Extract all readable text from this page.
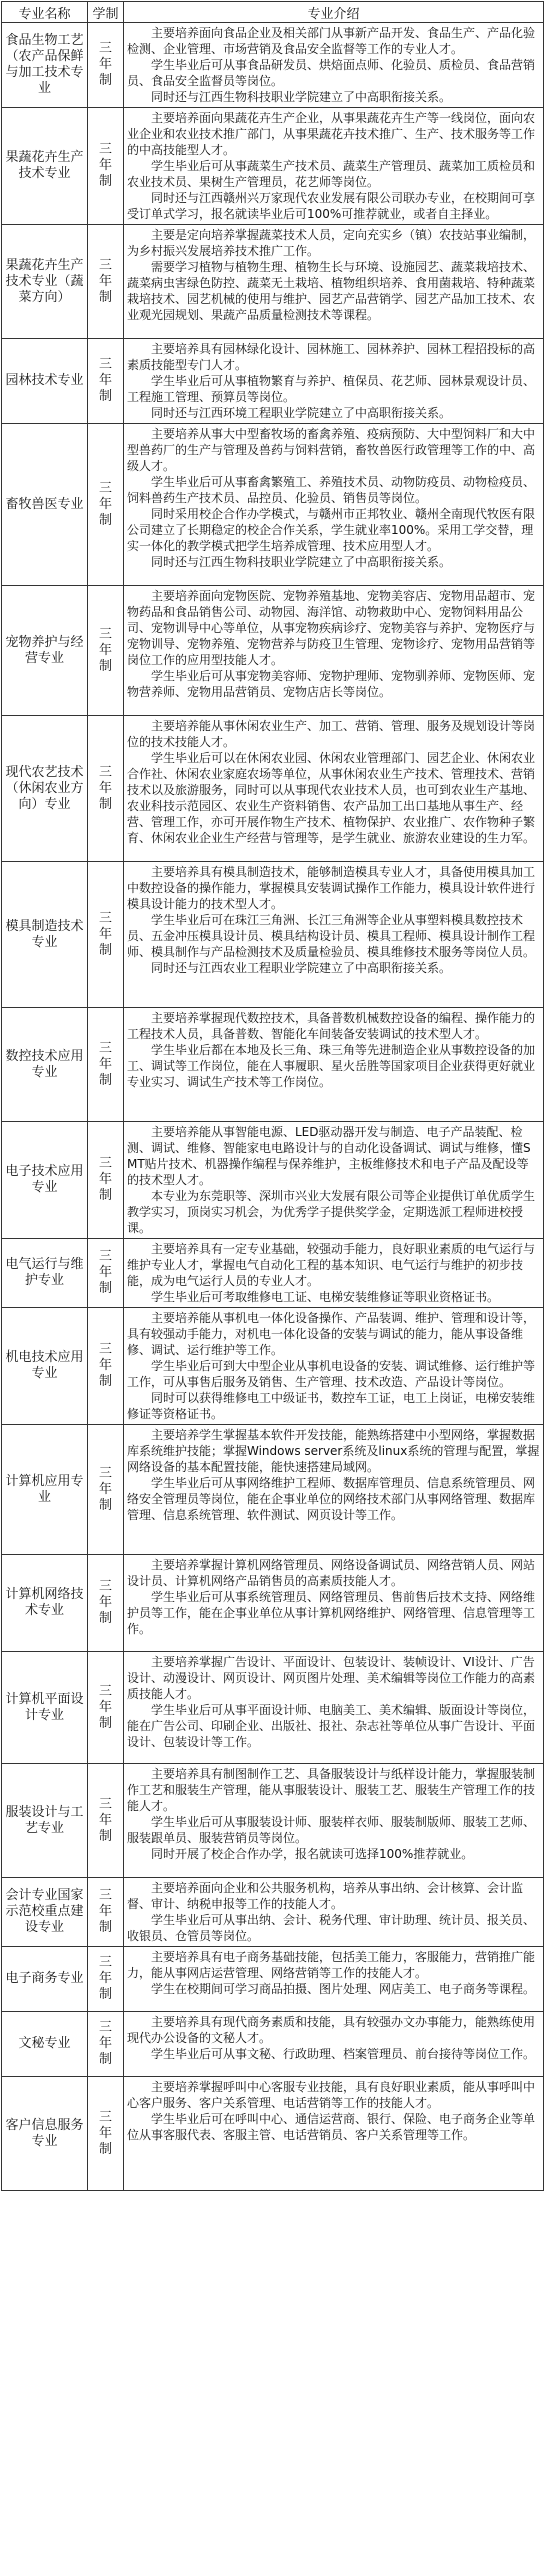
专业名称	学制	专业介绍
食品生物工艺（农产品保鲜与加工技术专业	三年制	主要培养面向食品企业及相关部门从事新产品开发、食品生产、产品化验检测、企业管理、市场营销及食品安全监督等工作的专业人才。

学生毕业后可从事食品研发员、烘焙面点师、化验员、质检员、食品营销员、食品安全监督员等岗位。

同时还与江西生物科技职业学院建立了中高职衔接关系。

果蔬花卉生产技术专业	三年制	主要培养面向果蔬花卉生产企业，从事果蔬花卉生产等一线岗位，面向农业企业和农业技术推广部门，从事果蔬花卉技术推广、生产、技术服务等工作的中高技能型人才。

学生毕业后可从事蔬菜生产技术员、蔬菜生产管理员、蔬菜加工质检员和农业技术员、果树生产管理员，花艺师等岗位。

同时还与江西赣州兴万家现代农业发展有限公司联办专业，在校期间可享受订单式学习，报名就读毕业后可100%可推荐就业，或者自主择业。

果蔬花卉生产技术专业（蔬菜方向）	三年制	主要是定向培养掌握蔬菜技术人员，定向充实乡（镇）农技站事业编制，为乡村振兴发展培养技术推广工作。

需要学习植物与植物生理、植物生长与环境、设施园艺、蔬菜栽培技术、蔬菜病虫害绿色防控、蔬菜无土栽培、植物组织培养、食用菌栽培、特种蔬菜栽培技术、园艺机械的使用与维护、园艺产品营销学、园艺产品加工技术、农业观光园规划、果蔬产品质量检测技术等课程。

园林技术专业	三年制	主要培养具有园林绿化设计、园林施工、园林养护、园林工程招投标的高素质技能型专门人才。

学生毕业后可从事植物繁育与养护、植保员、花艺师、园林景观设计员、工程施工管理、预算员等岗位。

同时还与江西环境工程职业学院建立了中高职衔接关系。

畜牧兽医专业	三年制	主要培养从事大中型畜牧场的畜禽养殖、疫病预防、大中型饲料厂和大中型兽药厂的生产与管理及兽药与饲料营销，畜牧兽医行政管理等工作的中、高级人才。

学生毕业后可从事畜禽繁殖工、养殖技术员、动物防疫员、动物检疫员、饲料兽药生产技术员、品控员、化验员、销售员等岗位。

同时采用校企合作办学模式，与赣州市正邦牧业、赣州全南现代牧医有限公司建立了长期稳定的校企合作关系，学生就业率100%。采用工学交替，理实一体化的教学模式把学生培养成管理、技术应用型人才。

同时还与江西生物科技职业学院建立了中高职衔接关系。

宠物养护与经营专业	三年制	主要培养面向宠物医院、宠物养殖基地、宠物美容店、宠物用品超市、宠物药品和食品销售公司、动物园、海洋馆、动物救助中心、宠物饲料用品公司、宠物训导中心等单位，从事宠物疾病诊疗、宠物美容与养护、宠物医疗与宠物训导、宠物养殖、宠物营养与防疫卫生管理、宠物诊疗、宠物用品营销等岗位工作的应用型技能人才。

学生毕业后可从事宠物美容师、宠物护理师、宠物驯养师、宠物医师、宠物营养师、宠物用品营销员、宠物店店长等岗位。

现代农艺技术（休闲农业方向）专业	三年制	主要培养能从事休闲农业生产、加工、营销、管理、服务及规划设计等岗位的技术技能人才。

学生毕业后可以在休闲农业园、休闲农业管理部门、园艺企业、休闲农业合作社、休闲农业家庭农场等单位，从事休闲农业生产技术、管理技术、营销技术以及旅游服务，同时可以从事现代农业技术人员，也可到农业生产基地、农业科技示范园区、农业生产资料销售、农产品加工出口基地从事生产、经营、管理工作，亦可开展作物生产技术、植物保护、农业推广、农作物种子繁育、休闲农业企业生产经营与管理等，是学生就业、旅游农业建设的生力军。

模具制造技术专业	三年制	主要培养具有模具制造技术，能够制造模具专业人才，具备使用模具加工中数控设备的操作能力，掌握模具安装调试操作工作能力，模具设计软件进行模具设计能力的技术型人才。

学生毕业后可在珠江三角洲、长江三角洲等企业从事塑料模具数控技术员、五金冲压模具设计员、模具结构设计员、模具工程师、模具设计制作工程师、模具制作与产品检测技术及质量检验员、模具维修技术服务等岗位人员。

同时还与江西农业工程职业学院建立了中高职衔接关系。

数控技术应用专业	三年制	主要培养掌握现代数控技术，具备普数机械数控设备的编程、操作能力的工程技术人员，具备普数、智能化车间装备安装调试的技术型人才。

学生毕业后都在本地及长三角、珠三角等先进制造企业从事数控设备的加工、调试等工作岗位，能在人事履职、星火岳胜等国家项目企业获得更好就业专业实习、调试生产技术等工作岗位。

电子技术应用专业	三年制	主要培养能从事智能电源、LED驱动器开发与制造、电子产品装配、检测、调试、维修、智能家电电路设计与的自动化设备调试、调试与维修，懂SMT贴片技术、机器操作编程与保养维护，主板维修技术和电子产品及配设等的技术型人才。

本专业为东莞职等、深圳市兴业大发展有限公司等企业提供订单优质学生教学实习，顶岗实习机会，为优秀学子提供奖学金，定期选派工程师进校授课。

电气运行与维护专业	三年制	主要培养具有一定专业基础，较强动手能力，良好职业素质的电气运行与维护专业人才，掌握电气自动化工程的基本知识、电气运行与维护的初步技能，成为电气运行人员的专业人才。

学生毕业后可考取维修电工证、电梯安装维修证等职业资格证书。

机电技术应用专业	三年制	主要培养能从事机电一体化设备操作、产品装调、维护、管理和设计等，具有较强动手能力，对机电一体化设备的安装与调试的能力，能从事设备维修、调试、运行维护等工作。

学生毕业后可到大中型企业从事机电设备的安装、调试维修、运行维护等工作，可从事售后服务及销售、生产管理、技术改造、产品设计等岗位。

同时可以获得维修电工中级证书，数控车工证，电工上岗证，电梯安装维修证等资格证书。

计算机应用专业	三年制	主要培养学生掌握基本软件开发技能，能熟练搭建中小型网络，掌握数据库系统维护技能；掌握Windows server系统及linux系统的管理与配置，掌握网络设备的基本配置技能，能快速搭建局域网。

学生毕业后可从事网络维护工程师、数据库管理员、信息系统管理员、网络安全管理员等岗位，能在企事业单位的网络技术部门从事网络管理、数据库管理、信息系统管理、软件测试、网页设计等工作。

计算机网络技术专业	三年制	主要培养掌握计算机网络管理员、网络设备调试员、网络营销人员、网站设计员、计算机网络产品销售员的高素质技能人才。

学生毕业后可从事系统管理员、网络管理员、售前售后技术支持、网络维护员等工作，能在企事业单位从事计算机网络维护、网络管理、信息管理等工作。

计算机平面设计专业	三年制	主要培养掌握广告设计、平面设计、包装设计、装帧设计、VI设计、广告设计、动漫设计、网页设计、网页图片处理、美术编辑等岗位工作能力的高素质技能人才。

学生毕业后可从事平面设计师、电脑美工、美术编辑、版面设计等岗位，能在广告公司、印刷企业、出版社、报社、杂志社等单位从事广告设计、平面设计、包装设计等工作。

服装设计与工艺专业	三年制	主要培养具有制图制作工艺、具备服装设计与纸样设计能力，掌握服装制作工艺和服装生产管理，能从事服装设计、服装工艺、服装生产管理工作的技能人才。

学生毕业后可从事服装设计师、服装样衣师、服装制版师、服装工艺师、服装跟单员、服装营销员等岗位。

同时开展了校企合作办学，报名就读可选择100%推荐就业。

会计专业国家示范校重点建设专业	三年制	主要培养面向企业和公共服务机构，培养从事出纳、会计核算、会计监督、审计、纳税申报等工作的技能人才。

学生毕业后可从事出纳、会计、税务代理、审计助理、统计员、报关员、收银员、仓管员等岗位。

电子商务专业	三年制	主要培养具有电子商务基础技能，包括美工能力，客服能力，营销推广能力，能从事网店运营管理、网络营销等工作的技能人才。

学生在校期间可学习商品拍摄、图片处理、网店美工、电子商务等课程。

文秘专业	三年制	主要培养具有现代商务素质和技能，具有较强办文办事能力，能熟练使用现代办公设备的文秘人才。

学生毕业后可从事文秘、行政助理、档案管理员、前台接待等岗位工作。

客户信息服务专业	三年制	主要培养掌握呼叫中心客服专业技能，具有良好职业素质，能从事呼叫中心客户服务、客户关系管理、电话营销等工作的技能人才。

学生毕业后可在呼叫中心、通信运营商、银行、保险、电子商务企业等单位从事客服代表、客服主管、电话营销员、客户关系管理等工作。
